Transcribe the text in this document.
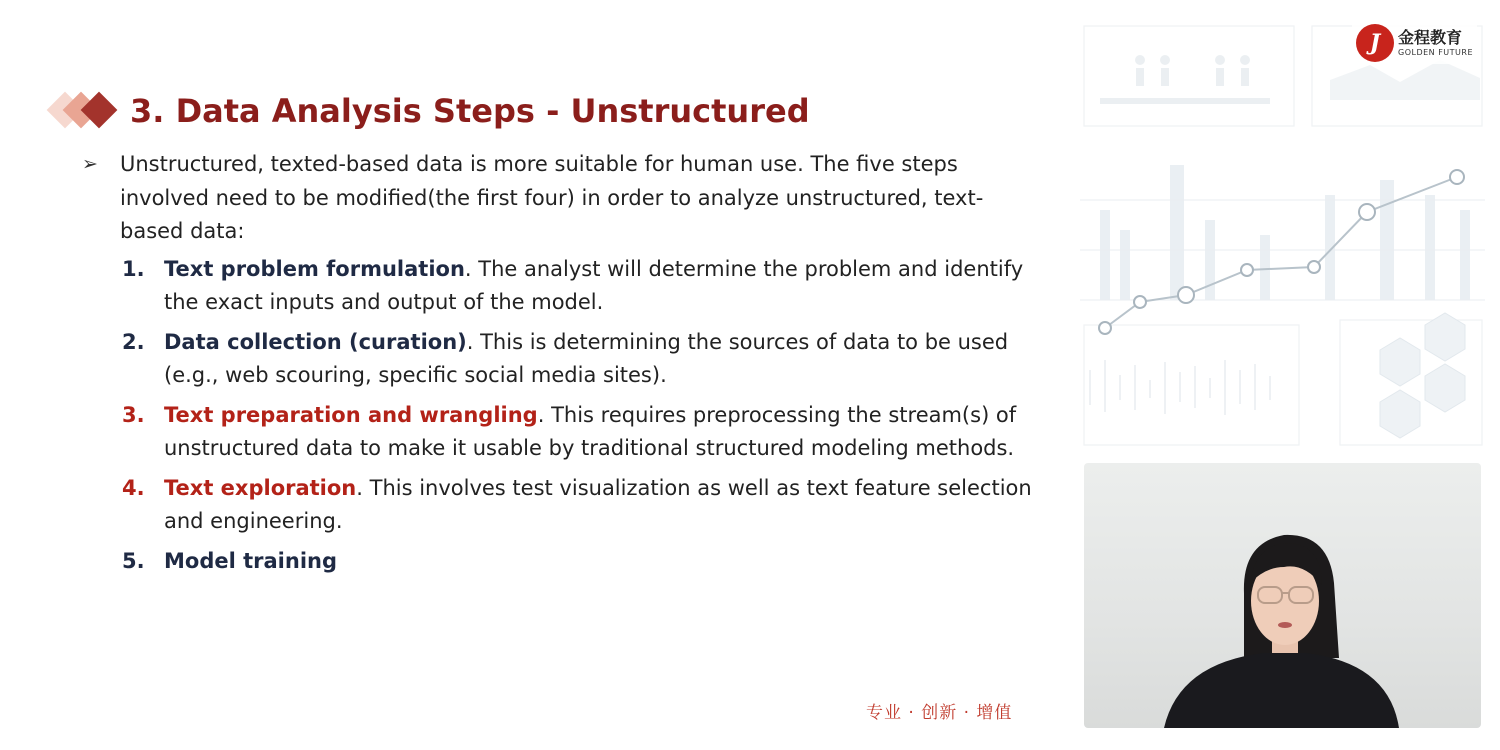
J	金程教育
GOLDEN FUTURE
3. Data Analysis Steps - Unstructured
➢ Unstructured, texted-based data is more suitable for human use. The five steps involved need to be modified(the first four) in order to analyze unstructured, text-based data:
1. Text problem formulation. The analyst will determine the problem and identify the exact inputs and output of the model.
2. Data collection (curation). This is determining the sources of data to be used (e.g., web scouring, specific social media sites).
3. Text preparation and wrangling. This requires preprocessing the stream(s) of unstructured data to make it usable by traditional structured modeling methods.
4. Text exploration. This involves test visualization as well as text feature selection and engineering.
5. Model training
专业 · 创新 · 增值
